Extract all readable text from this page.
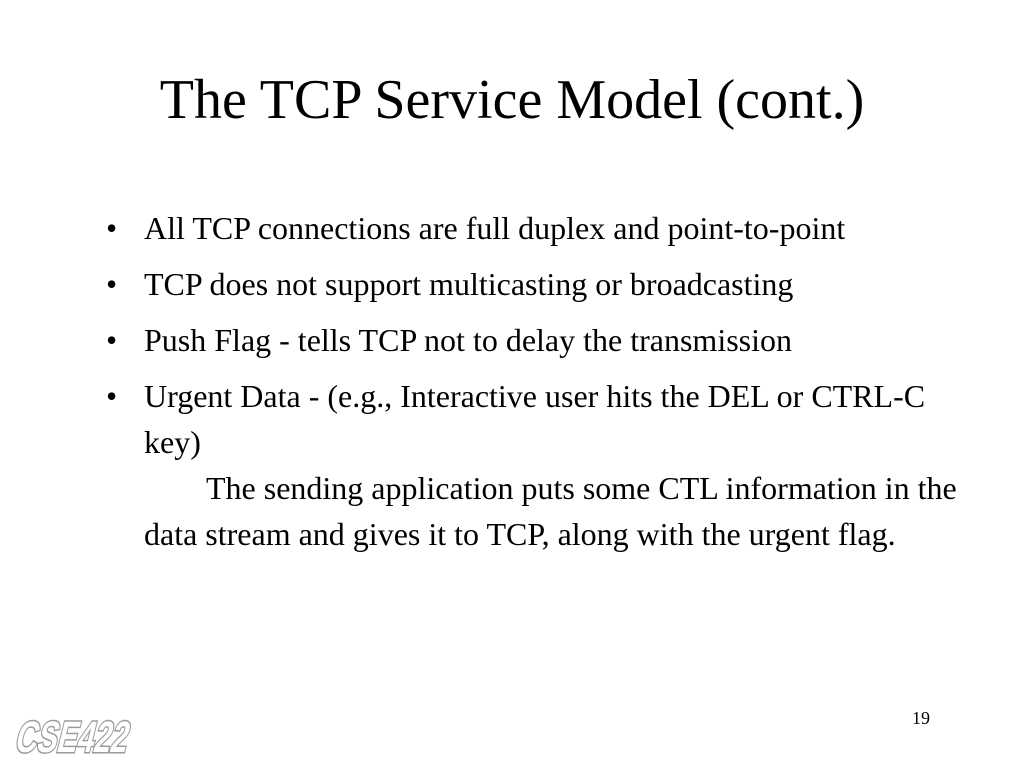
The TCP Service Model (cont.)
• All TCP connections are full duplex and point-to-point
• TCP does not support multicasting or broadcasting
• Push Flag - tells TCP not to delay the transmission
• Urgent Data - (e.g., Interactive user hits the DEL or CTRL-C key)
The sending application puts some CTL information in the data stream and gives it to TCP, along with the urgent flag.
19
CSE422
